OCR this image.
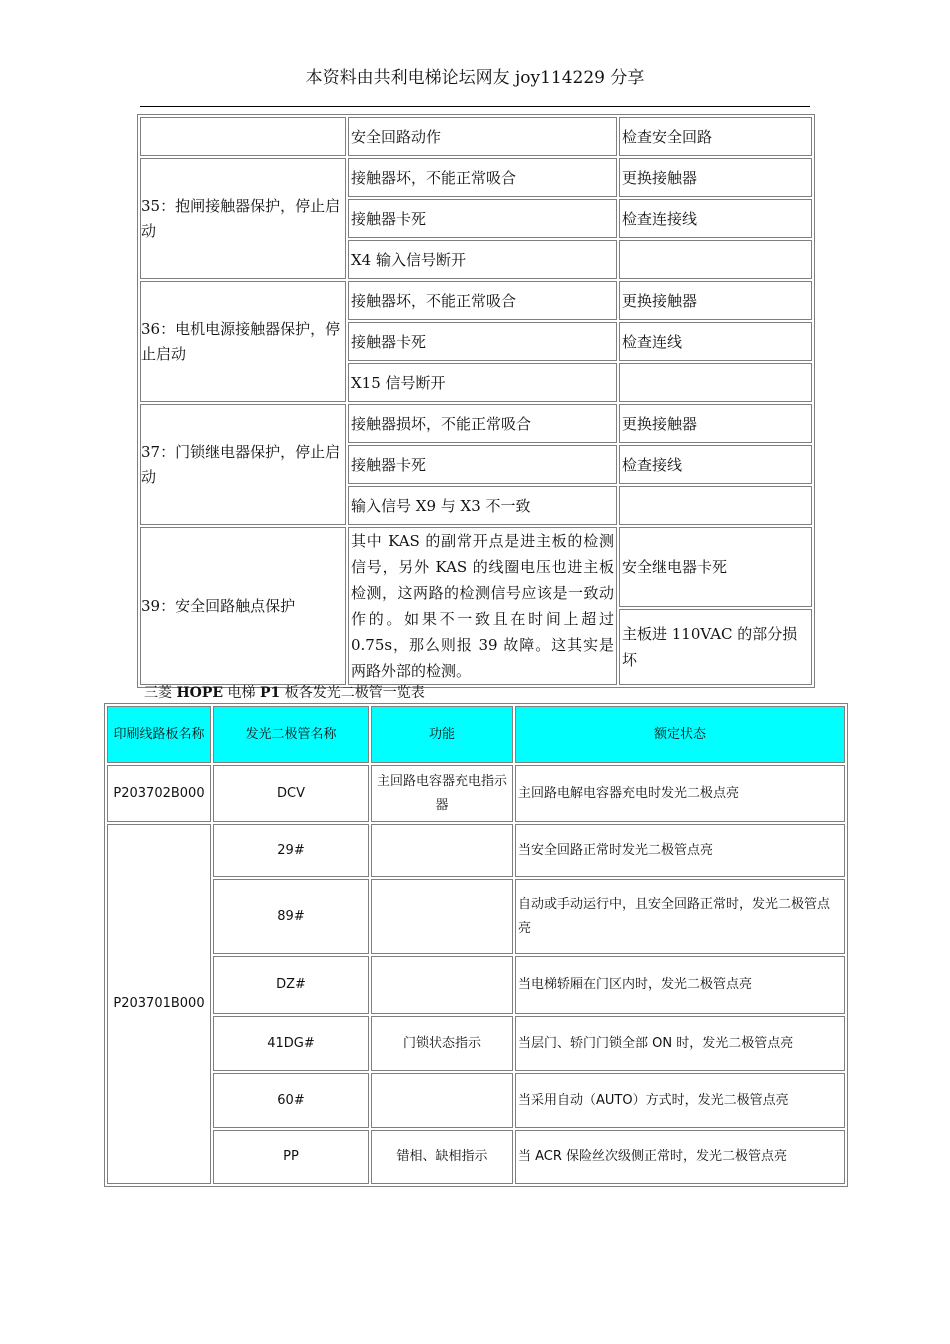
本资料由共利电梯论坛网友 joy114229 分享
	安全回路动作	检查安全回路
35：抱闸接触器保护，停止启动	接触器坏，不能正常吸合	更换接触器
	接触器卡死	检查连接线
	X4 输入信号断开	
36：电机电源接触器保护，停止启动	接触器坏，不能正常吸合	更换接触器
	接触器卡死	检查连线
	X15 信号断开	
37：门锁继电器保护，停止启动	接触器损坏，不能正常吸合	更换接触器
	接触器卡死	检查接线
	输入信号 X9 与 X3 不一致	
39：安全回路触点保护	其中 KAS 的副常开点是进主板的检测信号，另外 KAS 的线圈电压也进主板检测，这两路的检测信号应该是一致动作的。如果不一致且在时间上超过 0.75s，那么则报 39 故障。这其实是两路外部的检测。	安全继电器卡死
		主板进 110VAC 的部分损坏
三菱 HOPE 电梯 P1 板各发光二极管一览表
印刷线路板名称	发光二极管名称	功能	额定状态
P203702B000	DCV	主回路电容器充电指示器	主回路电解电容器充电时发光二极点亮
P203701B000	29#		当安全回路正常时发光二极管点亮
	89#		自动或手动运行中，且安全回路正常时，发光二极管点亮
	DZ#		当电梯轿厢在门区内时，发光二极管点亮
	41DG#	门锁状态指示	当层门、轿门门锁全部 ON 时，发光二极管点亮
	60#		当采用自动（AUTO）方式时，发光二极管点亮
	PP	错相、缺相指示	当 ACR 保险丝次级侧正常时，发光二极管点亮
